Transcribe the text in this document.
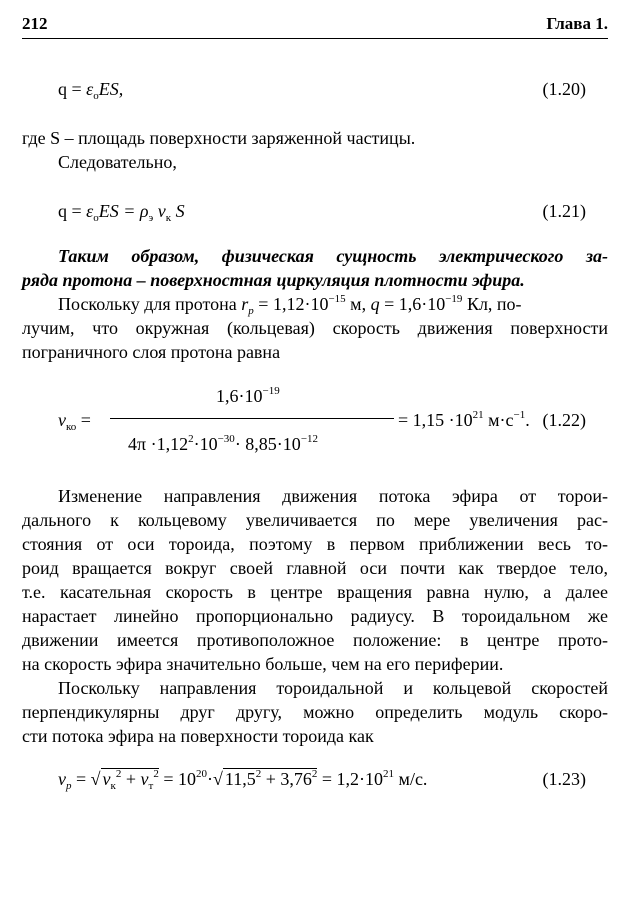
212	Глава 1.
$q = \varepsilon_oES$,	(1.20)
где S – площадь поверхности заряженной частицы.
Следовательно,
$q = \varepsilon_oES = \rho_э$ $v_к$ S	(1.21)
Таким образом, физическая сущность электрического за-
ряда протона – поверхностная циркуляция плотности эфира.
Поскольку для протона $r_p = 1,12\cdot 10^{-15}$ м, $q = 1,6\cdot 10^{-19}$ Кл, по-
лучим, что окружная (кольцевая) скорость движения поверхности
пограничного слоя протона равна
$v_{ко}$ =
$1,6\cdot 10^{-19}$
$4\pi \cdot 1,12^2\cdot 10^{-30}\cdot 8,85\cdot 10^{-12}$
= $1,15 \cdot 10^{21}$ $м\cdot с^{-1}$. (1.22)
Изменение направления движения потока эфира от торои-
дального к кольцевому увеличивается по мере увеличения рас-
стояния от оси тороида, поэтому в первом приближении весь то-
роид вращается вокруг своей главной оси почти как твердое тело,
т.е. касательная скорость в центре вращения равна нулю, а далее
нарастает линейно пропорционально радиусу. В тороидальном же
движении имеется противоположное положение: в центре прото-
на скорость эфира значительно больше, чем на его периферии.
Поскольку направления тороидальной и кольцевой скоростей
перпендикулярны друг другу, можно определить модуль скоро-
сти потока эфира на поверхности тороида как
$v_p$ = √ $v_к^2 + v_т^2 = 10^{20}\cdot√$ $11,5^2 + 3,76^2 = 1,2\cdot 10^{21}$ м/с.	(1.23)
